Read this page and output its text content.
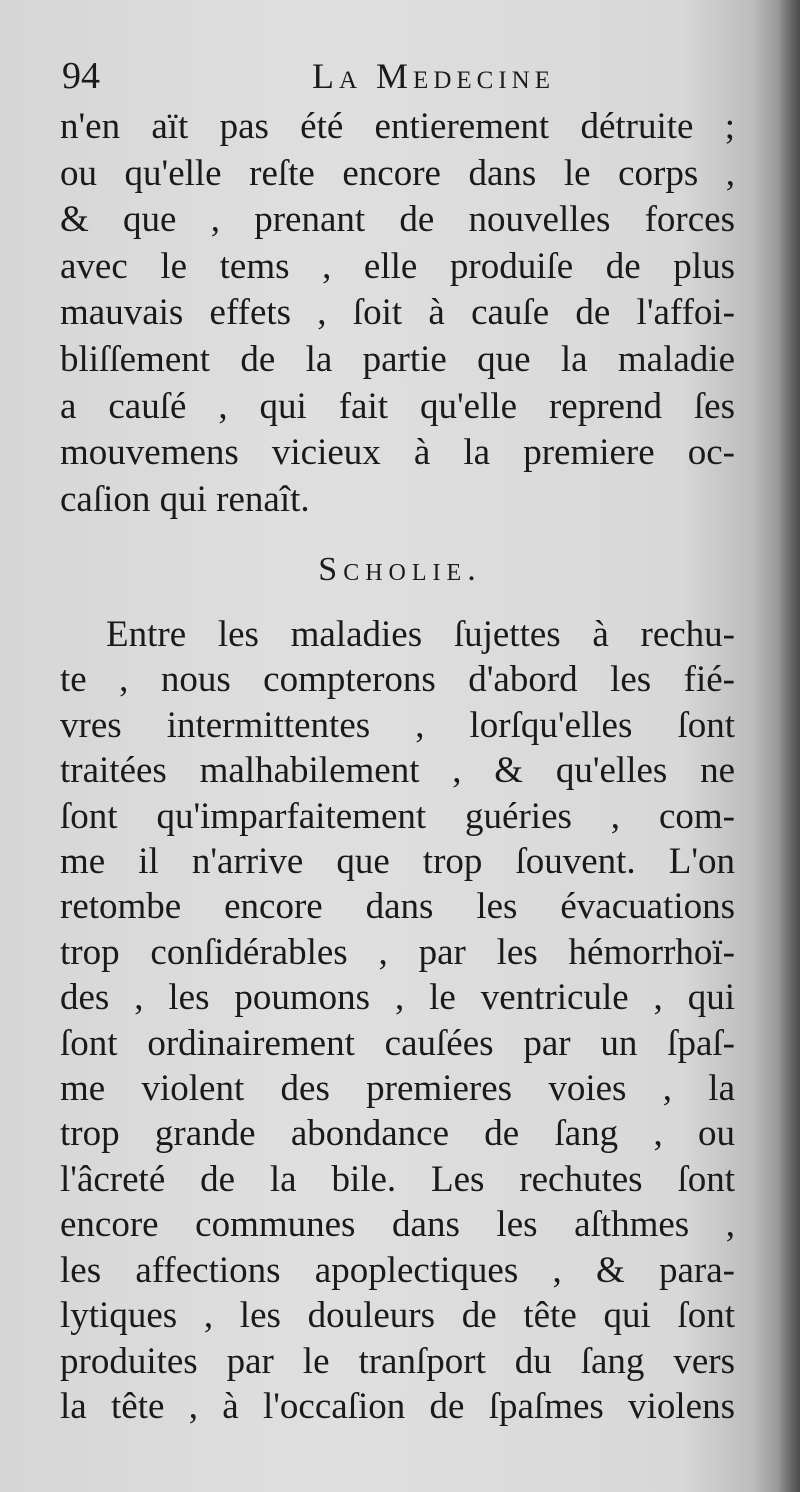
94	La Medecine
n'en aït pas été entierement détruite ;
ou qu'elle reſte encore dans le corps ,
& que , prenant de nouvelles forces
avec le tems , elle produiſe de plus
mauvais effets , ſoit à cauſe de l'affoi-
bliſſement de la partie que la maladie
a cauſé , qui fait qu'elle reprend ſes
mouvemens vicieux à la premiere oc-
caſion qui renaît.
Scholie.
Entre les maladies ſujettes à rechu-
te , nous compterons d'abord les fié-
vres intermittentes , lorſqu'elles ſont
traitées malhabilement , & qu'elles ne
ſont qu'imparfaitement guéries , com-
me il n'arrive que trop ſouvent. L'on
retombe encore dans les évacuations
trop conſidérables , par les hémorrhoï-
des , les poumons , le ventricule , qui
ſont ordinairement cauſées par un ſpaſ-
me violent des premieres voies , la
trop grande abondance de ſang , ou
l'âcreté de la bile. Les rechutes ſont
encore communes dans les aſthmes ,
les affections apoplectiques , & para-
lytiques , les douleurs de tête qui ſont
produites par le tranſport du ſang vers
la tête , à l'occaſion de ſpaſmes violens
